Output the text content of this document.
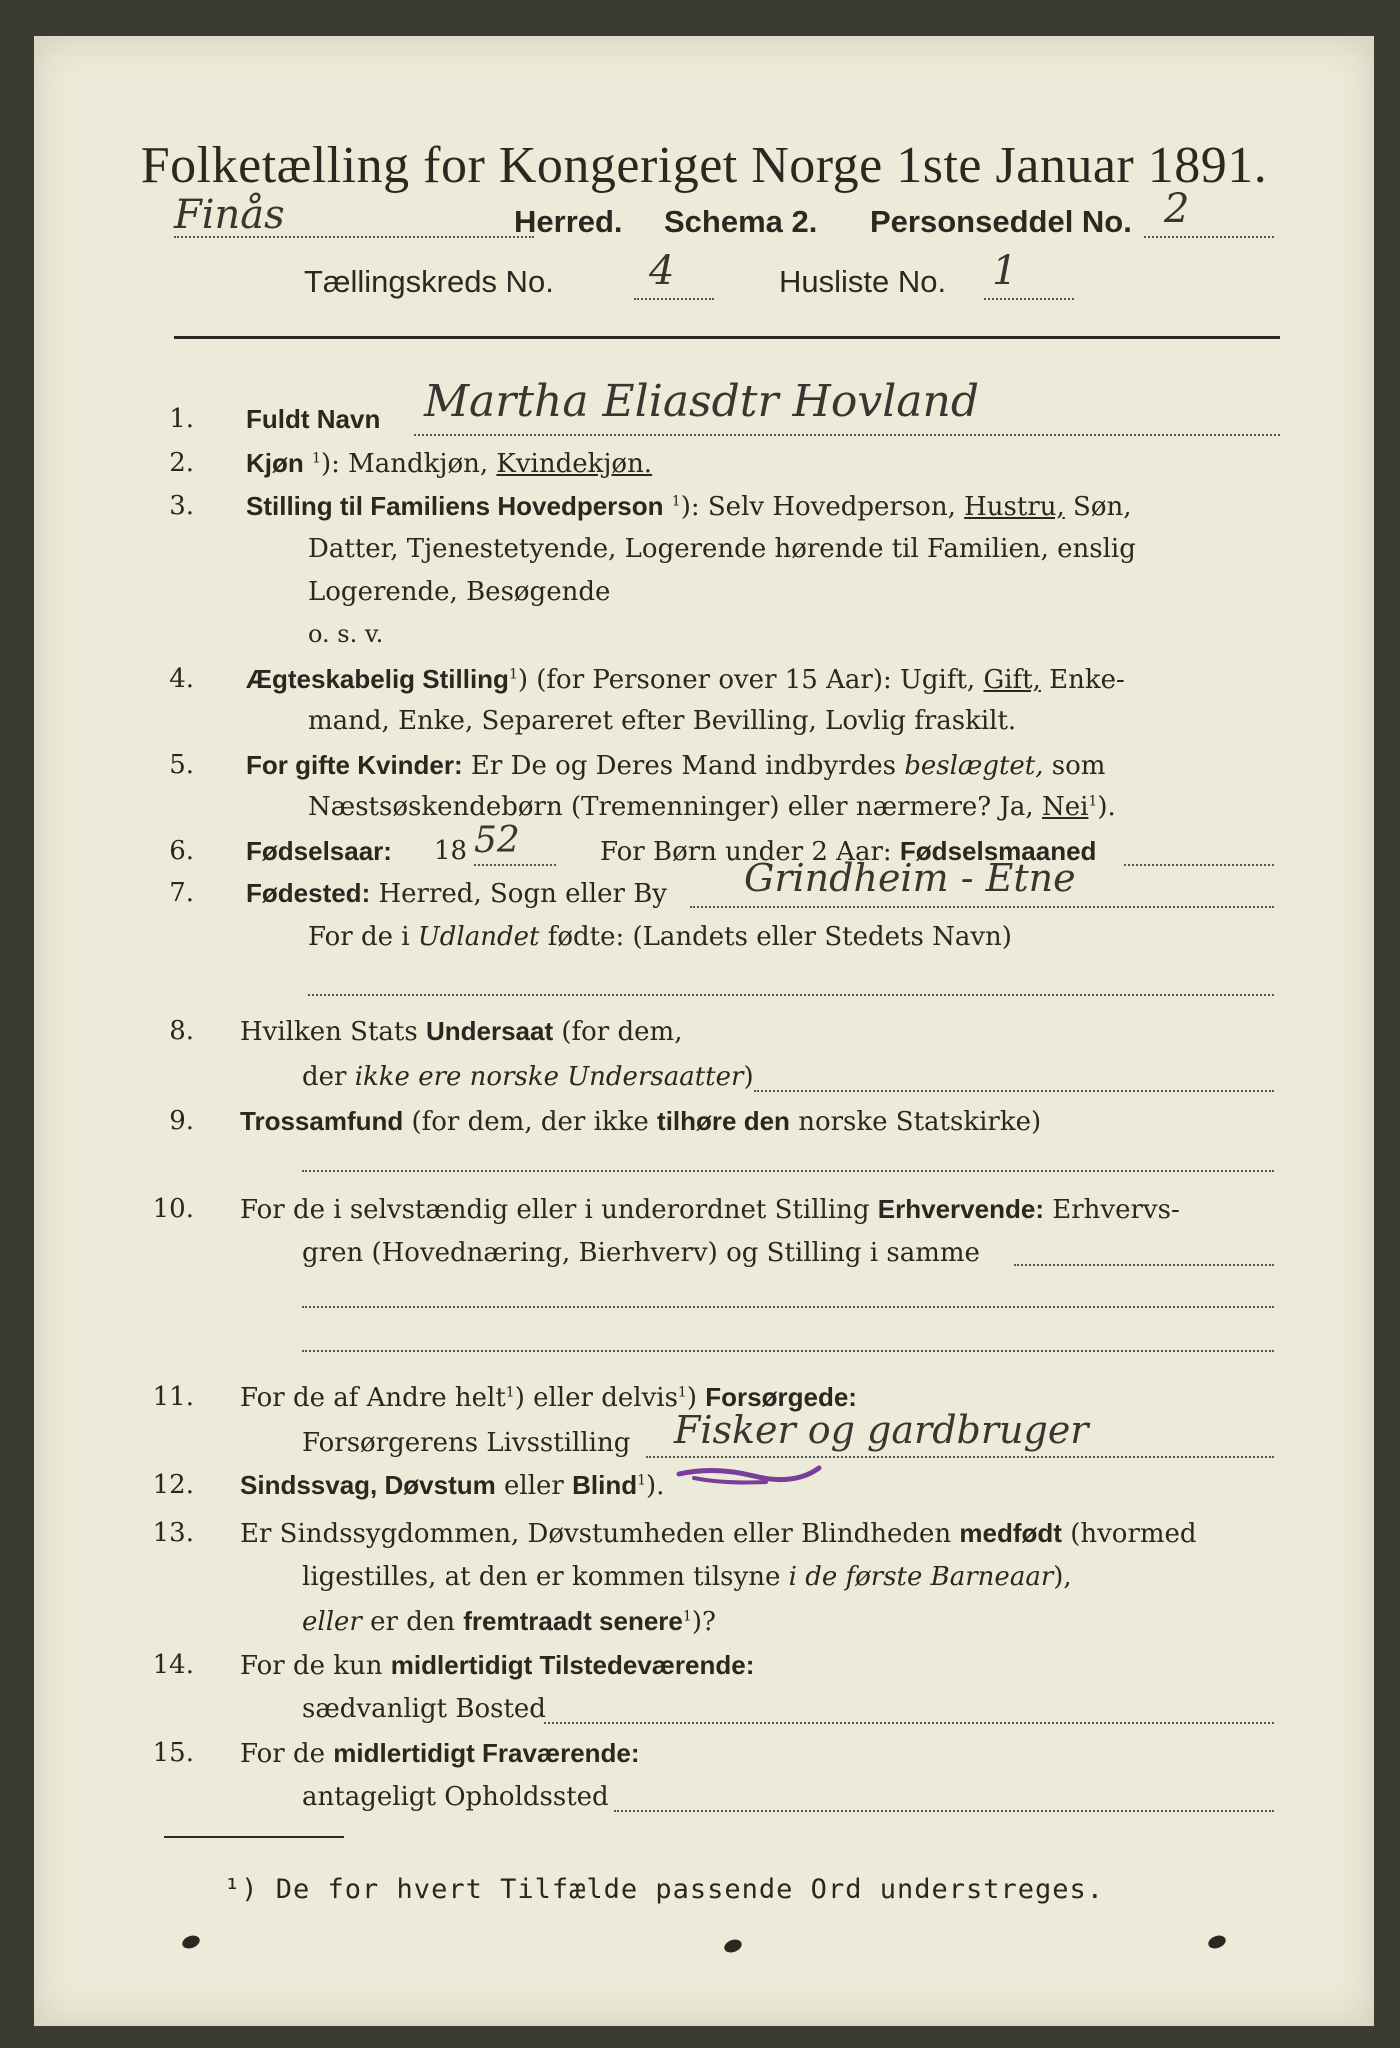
Folketælling for Kongeriget Norge 1ste Januar 1891.
Finås	Herred. Schema 2. Personseddel No. 2
Tællingskreds No. 4	Husliste No. 1
1. Fuldt Navn Martha Eliasdtr Hovland
2. Kjøn $^1$): Mandkjøn, Kvindekjøn.
3. Stilling til Familiens Hovedperson $^1$): Selv Hovedperson, Hustru, Søn,
Datter, Tjenestetyende, Logerende hørende til Familien, enslig
Logerende, Besøgende
o. s. v.
4. Ægteskabelig Stilling$^1$) (for Personer over 15 Aar): Ugift, Gift, Enke-
mand, Enke, Separeret efter Bevilling, Lovlig fraskilt.
5. For gifte Kvinder: Er De og Deres Mand indbyrdes beslægtet, som
Næstsøskendebørn (Tremenninger) eller nærmere? Ja, Nei$^1$).
6. Fødselsaar: 18 52	For Børn under 2 Aar: Fødselsmaaned
7. Fødested: Herred, Sogn eller By Grindheim - Etne
For de i Udlandet fødte: (Landets eller Stedets Navn)
8. Hvilken Stats Undersaat (for dem,
der ikke ere norske Undersaatter)
9. Trossamfund (for dem, der ikke tilhøre den norske Statskirke)
10. For de i selvstændig eller i underordnet Stilling Erhvervende: Erhvervs-
gren (Hovednæring, Bierhverv) og Stilling i samme
11. For de af Andre helt$^1$) eller delvis$^1$) Forsørgede:
Forsørgerens Livsstilling Fisker og gardbruger
12. Sindssvag, Døvstum eller Blind$^1$).
13. Er Sindssygdommen, Døvstumheden eller Blindheden medfødt (hvormed
ligestilles, at den er kommen tilsyne i de første Barneaar),
eller er den fremtraadt senere$^1$)?
14. For de kun midlertidigt Tilstedeværende:
sædvanligt Bosted
15. For de midlertidigt Fraværende:
antageligt Opholdssted
¹) De for hvert Tilfælde passende Ord understreges.
